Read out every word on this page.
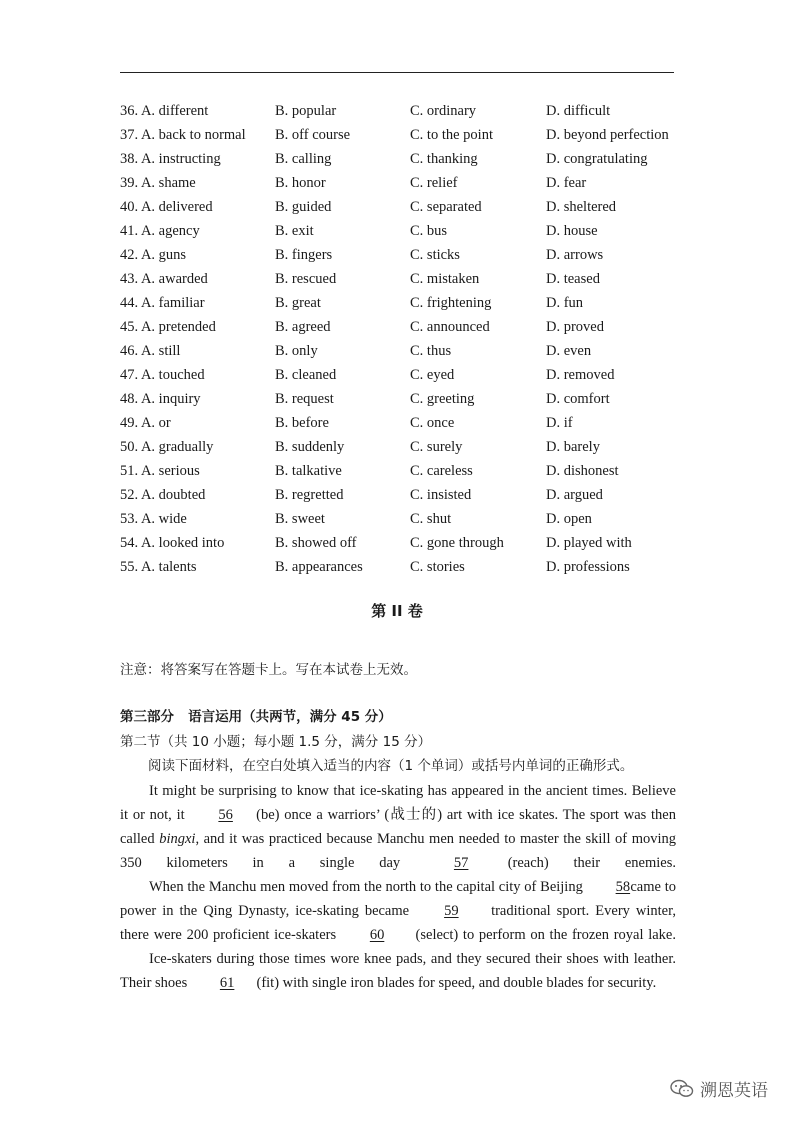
36. A. different	B. popular	C. ordinary	D. difficult
37. A. back to normal	B. off course	C. to the point	D. beyond perfection
38. A. instructing	B. calling	C. thanking	D. congratulating
39. A. shame	B. honor	C. relief	D. fear
40. A. delivered	B. guided	C. separated	D. sheltered
41. A. agency	B. exit	C. bus	D. house
42. A. guns	B. fingers	C. sticks	D. arrows
43. A. awarded	B. rescued	C. mistaken	D. teased
44. A. familiar	B. great	C. frightening	D. fun
45. A. pretended	B. agreed	C. announced	D. proved
46. A. still	B. only	C. thus	D. even
47. A. touched	B. cleaned	C. eyed	D. removed
48. A. inquiry	B. request	C. greeting	D. comfort
49. A. or	B. before	C. once	D. if
50. A. gradually	B. suddenly	C. surely	D. barely
51. A. serious	B. talkative	C. careless	D. dishonest
52. A. doubted	B. regretted	C. insisted	D. argued
53. A. wide	B. sweet	C. shut	D. open
54. A. looked into	B. showed off	C. gone through	D. played with
55. A. talents	B. appearances	C. stories	D. professions
第 II 卷
注意：将答案写在答题卡上。写在本试卷上无效。
第三部分   语言运用（共两节，满分 45 分）
第二节（共 10 小题；每小题 1.5 分，满分 15 分）
阅读下面材料，在空白处填入适当的内容（1 个单词）或括号内单词的正确形式。

It might be surprising to know that ice-skating has appeared in the ancient times. Believe it or not, it 56 (be) once a warriors’ (战士的) art with ice skates. The sport was then called bingxi, and it was practiced because Manchu men needed to master the skill of moving 350 kilometers in a single day 57 (reach) their enemies.

When the Manchu men moved from the north to the capital city of Beijing 58 came to power in the Qing Dynasty, ice-skating became 59 traditional sport. Every winter, there were 200 proficient ice-skaters 60 (select) to perform on the frozen royal lake.

Ice-skaters during those times wore knee pads, and they secured their shoes with leather. Their shoes 61 (fit) with single iron blades for speed, and double blades for security.

溯恩英语
